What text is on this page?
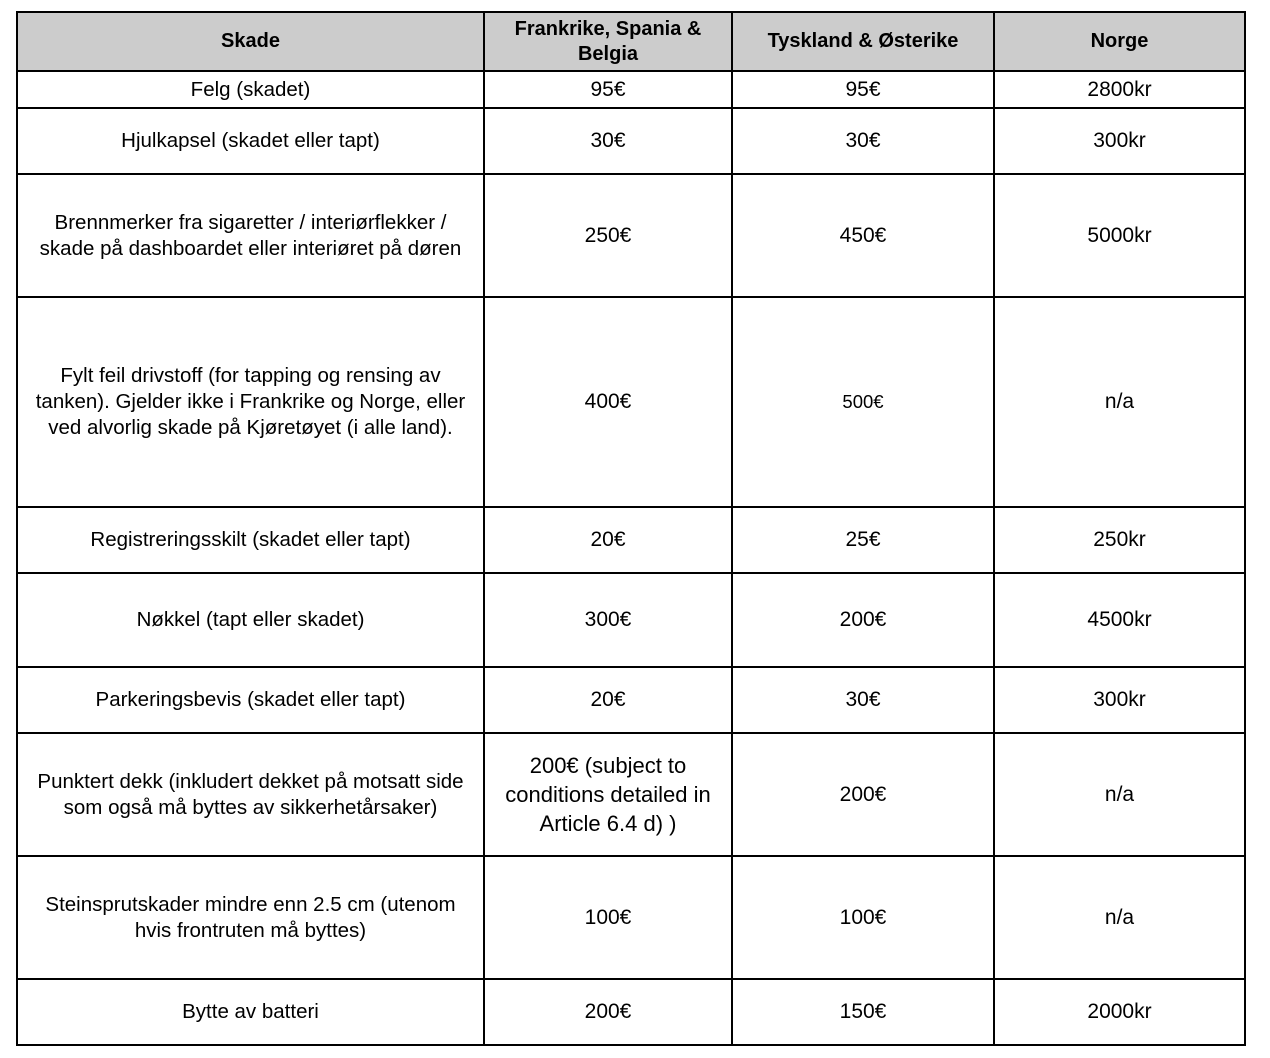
Skade	Frankrike, Spania & Belgia	Tyskland & Østerike	Norge
Felg (skadet)	95€	95€	2800kr
Hjulkapsel (skadet eller tapt)	30€	30€	300kr
Brennmerker fra sigaretter / interiørflekker / skade på dashboardet eller interiøret på døren	250€	450€	5000kr
Fylt feil drivstoff (for tapping og rensing av tanken). Gjelder ikke i Frankrike og Norge, eller ved alvorlig skade på Kjøretøyet (i alle land).	400€	500€	n/a
Registreringsskilt (skadet eller tapt)	20€	25€	250kr
Nøkkel (tapt eller skadet)	300€	200€	4500kr
Parkeringsbevis (skadet eller tapt)	20€	30€	300kr
Punktert dekk (inkludert dekket på motsatt side som også må byttes av sikkerhetårsaker)	200€ (subject to conditions detailed in Article 6.4 d) )	200€	n/a
Steinsprutskader mindre enn 2.5 cm (utenom hvis frontruten må byttes)	100€	100€	n/a
Bytte av batteri	200€	150€	2000kr
